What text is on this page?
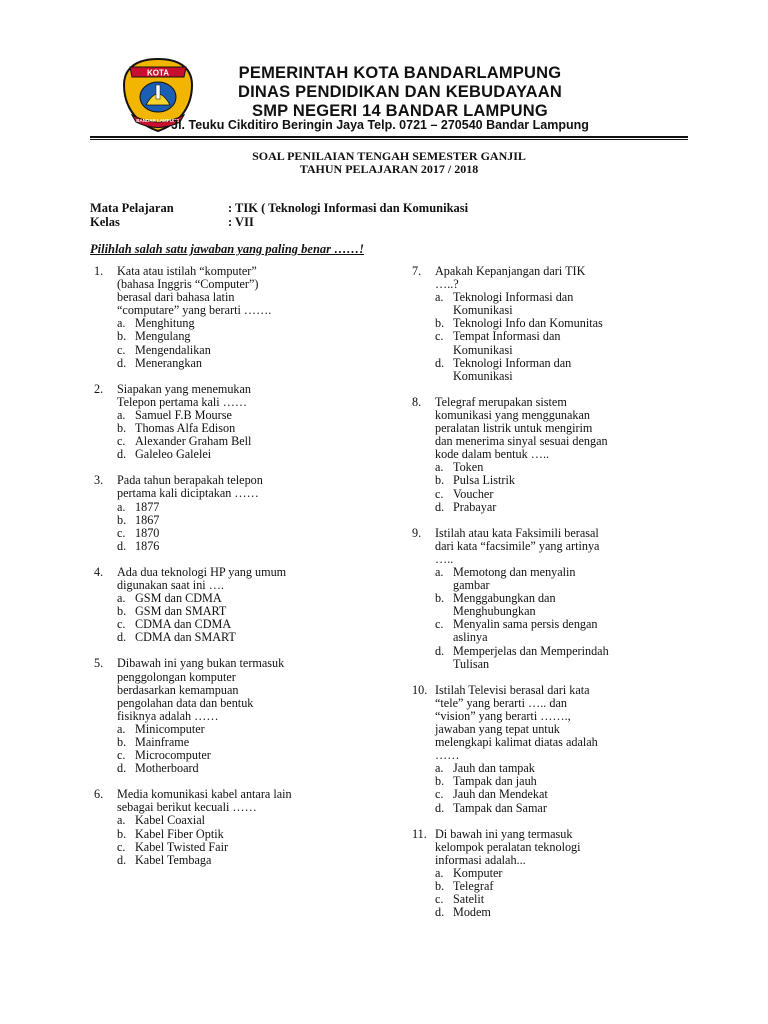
KOTA
BANDAR LAMPUNG
PEMERINTAH KOTA BANDARLAMPUNG
DINAS PENDIDIKAN DAN KEBUDAYAAN
SMP NEGERI 14 BANDAR LAMPUNG
Jl. Teuku Cikditiro Beringin Jaya Telp. 0721 – 270540 Bandar Lampung
SOAL PENILAIAN TENGAH SEMESTER GANJIL
TAHUN PELAJARAN 2017 / 2018
Mata Pelajaran	: TIK ( Teknologi Informasi dan Komunikasi
Kelas	: VII
Pilihlah salah satu jawaban yang paling benar ……!
1.	Kata atau istilah “komputer”
(bahasa Inggris “Computer”)
berasal dari bahasa latin
“computare” yang berarti …….
a. Menghitung
b. Mengulang
c. Mengendalikan
d. Menerangkan
2.	Siapakan yang menemukan
Telepon pertama kali ……
a. Samuel F.B Mourse
b. Thomas Alfa Edison
c. Alexander Graham Bell
d. Galeleo Galelei
3.	Pada tahun berapakah telepon
pertama kali diciptakan ……
a. 1877
b. 1867
c. 1870
d. 1876
4.	Ada dua teknologi HP yang umum
digunakan saat ini ….
a. GSM dan CDMA
b. GSM dan SMART
c. CDMA dan CDMA
d. CDMA dan SMART
5.	Dibawah ini yang bukan termasuk
penggolongan komputer
berdasarkan kemampuan
pengolahan data dan bentuk
fisiknya adalah ……
a. Minicomputer
b. Mainframe
c. Microcomputer
d. Motherboard
6.	Media komunikasi kabel antara lain
sebagai berikut kecuali ……
a. Kabel Coaxial
b. Kabel Fiber Optik
c. Kabel Twisted Fair
d. Kabel Tembaga
7.	Apakah Kepanjangan dari TIK
…..?
a. Teknologi Informasi dan
Komunikasi
b. Teknologi Info dan Komunitas
c. Tempat Informasi dan
Komunikasi
d. Teknologi Informan dan
Komunikasi
8.	Telegraf merupakan sistem
komunikasi yang menggunakan
peralatan listrik untuk mengirim
dan menerima sinyal sesuai dengan
kode dalam bentuk …..
a. Token
b. Pulsa Listrik
c. Voucher
d. Prabayar
9.	Istilah atau kata Faksimili berasal
dari kata “facsimile” yang artinya
…..
a. Memotong dan menyalin
gambar
b. Menggabungkan dan
Menghubungkan
c. Menyalin sama persis dengan
aslinya
d. Memperjelas dan Memperindah
Tulisan
10. Istilah Televisi berasal dari kata
“tele” yang berarti ….. dan
“vision” yang berarti …….,
jawaban yang tepat untuk
melengkapi kalimat diatas adalah
……
a. Jauh dan tampak
b. Tampak dan jauh
c. Jauh dan Mendekat
d. Tampak dan Samar
11. Di bawah ini yang termasuk
kelompok peralatan teknologi
informasi adalah...
a. Komputer
b. Telegraf
c. Satelit
d. Modem
